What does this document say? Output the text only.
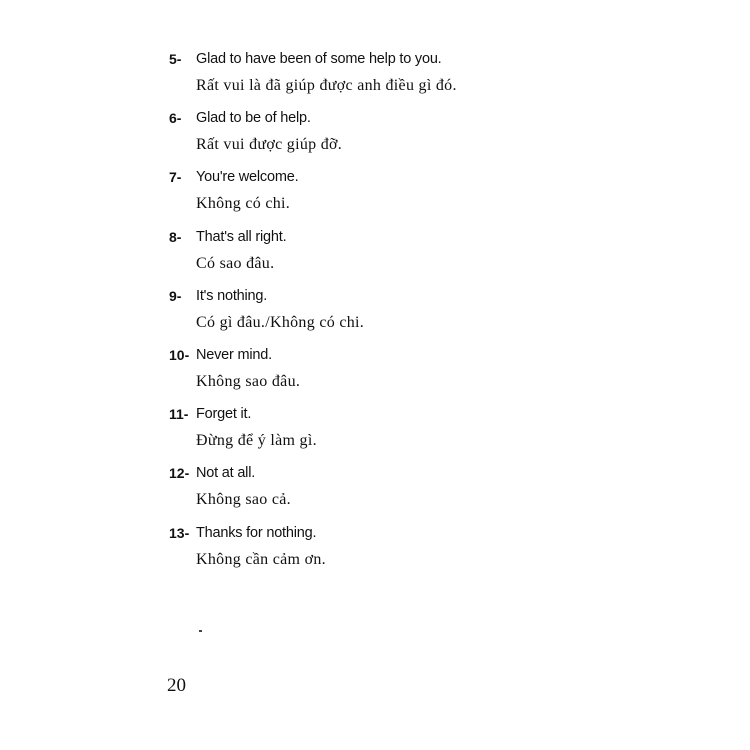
5- Glad to have been of some help to you.
Rất vui là đã giúp được anh điều gì đó.
6- Glad to be of help.
Rất vui được giúp đỡ.
7- You're welcome.
Không có chi.
8- That's all right.
Có sao đâu.
9- It's nothing.
Có gì đâu./Không có chi.
10- Never mind.
Không sao đâu.
11- Forget it.
Đừng để ý làm gì.
12- Not at all.
Không sao cả.
13- Thanks for nothing.
Không cần cảm ơn.
20
